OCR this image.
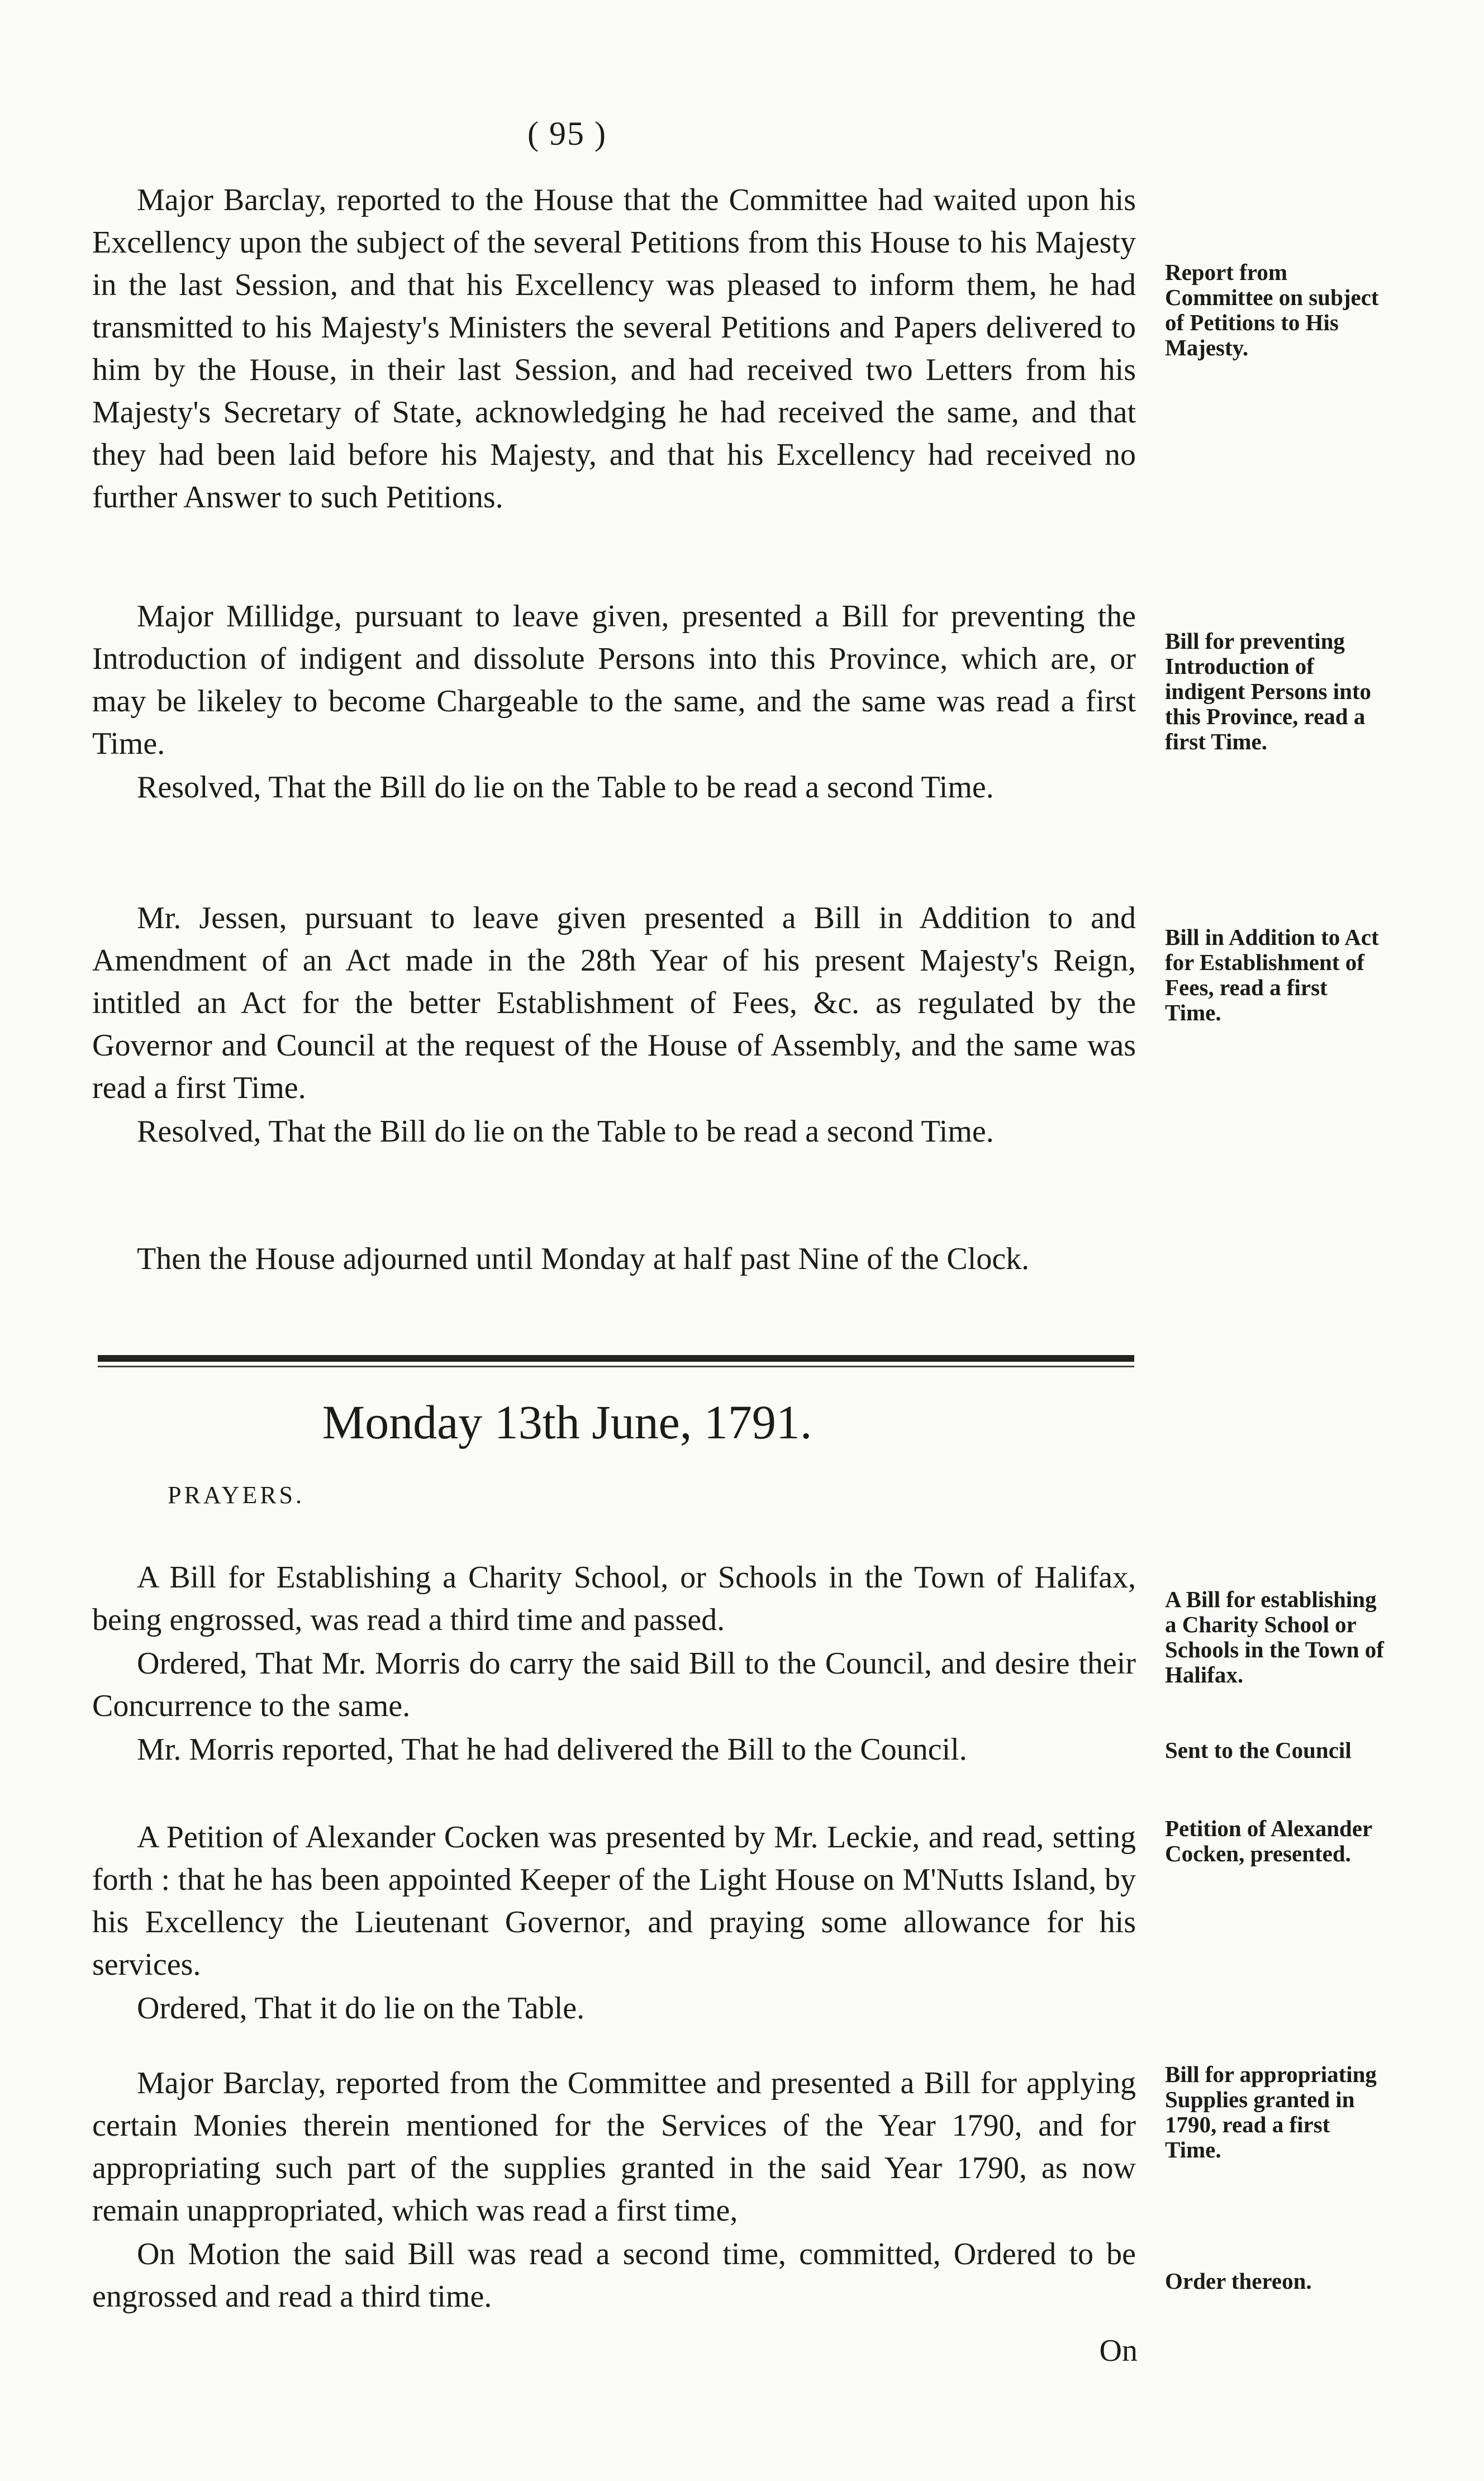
( 95 )

Major Barclay, reported to the House that the Committee had waited upon his Excellency upon the subject of the several Petitions from this House to his Majesty in the last Session, and that his Excellency was pleased to inform them, he had transmitted to his Majesty's Ministers the several Petitions and Papers delivered to him by the House, in their last Session, and had received two Letters from his Majesty's Secretary of State, acknowledging he had received the same, and that they had been laid before his Majesty, and that his Excellency had received no further Answer to such Petitions.

Report from Committee on subject of Petitions to His Majesty.

Major Millidge, pursuant to leave given, presented a Bill for preventing the Introduction of indigent and dissolute Persons into this Province, which are, or may be likeley to become Chargeable to the same, and the same was read a first Time.

Resolved, That the Bill do lie on the Table to be read a second Time.

Bill for preventing Introduction of indigent Persons into this Province, read a first Time.

Mr. Jessen, pursuant to leave given presented a Bill in Addition to and Amendment of an Act made in the 28th Year of his present Majesty's Reign, intitled an Act for the better Establishment of Fees, &c. as regulated by the Governor and Council at the request of the House of Assembly, and the same was read a first Time.

Resolved, That the Bill do lie on the Table to be read a second Time.

Bill in Addition to Act for Establishment of Fees, read a first Time.

Then the House adjourned until Monday at half past Nine of the Clock.

Monday 13th June, 1791.
PRAYERS.

A Bill for Establishing a Charity School, or Schools in the Town of Halifax, being engrossed, was read a third time and passed.

Ordered, That Mr. Morris do carry the said Bill to the Council, and desire their Concurrence to the same.

Mr. Morris reported, That he had delivered the Bill to the Council.

A Bill for establishing a Charity School or Schools in the Town of Halifax.
Sent to the Council

A Petition of Alexander Cocken was presented by Mr. Leckie, and read, setting forth : that he has been appointed Keeper of the Light House on M'Nutts Island, by his Excellency the Lieutenant Governor, and praying some allowance for his services.

Ordered, That it do lie on the Table.

Petition of Alexander Cocken, presented.

Major Barclay, reported from the Committee and presented a Bill for applying certain Monies therein mentioned for the Services of the Year 1790, and for appropriating such part of the supplies granted in the said Year 1790, as now remain unappropriated, which was read a first time,

On Motion the said Bill was read a second time, committed, Ordered to be engrossed and read a third time.

Bill for appropriating Supplies granted in 1790, read a first Time.
Order thereon.
On
